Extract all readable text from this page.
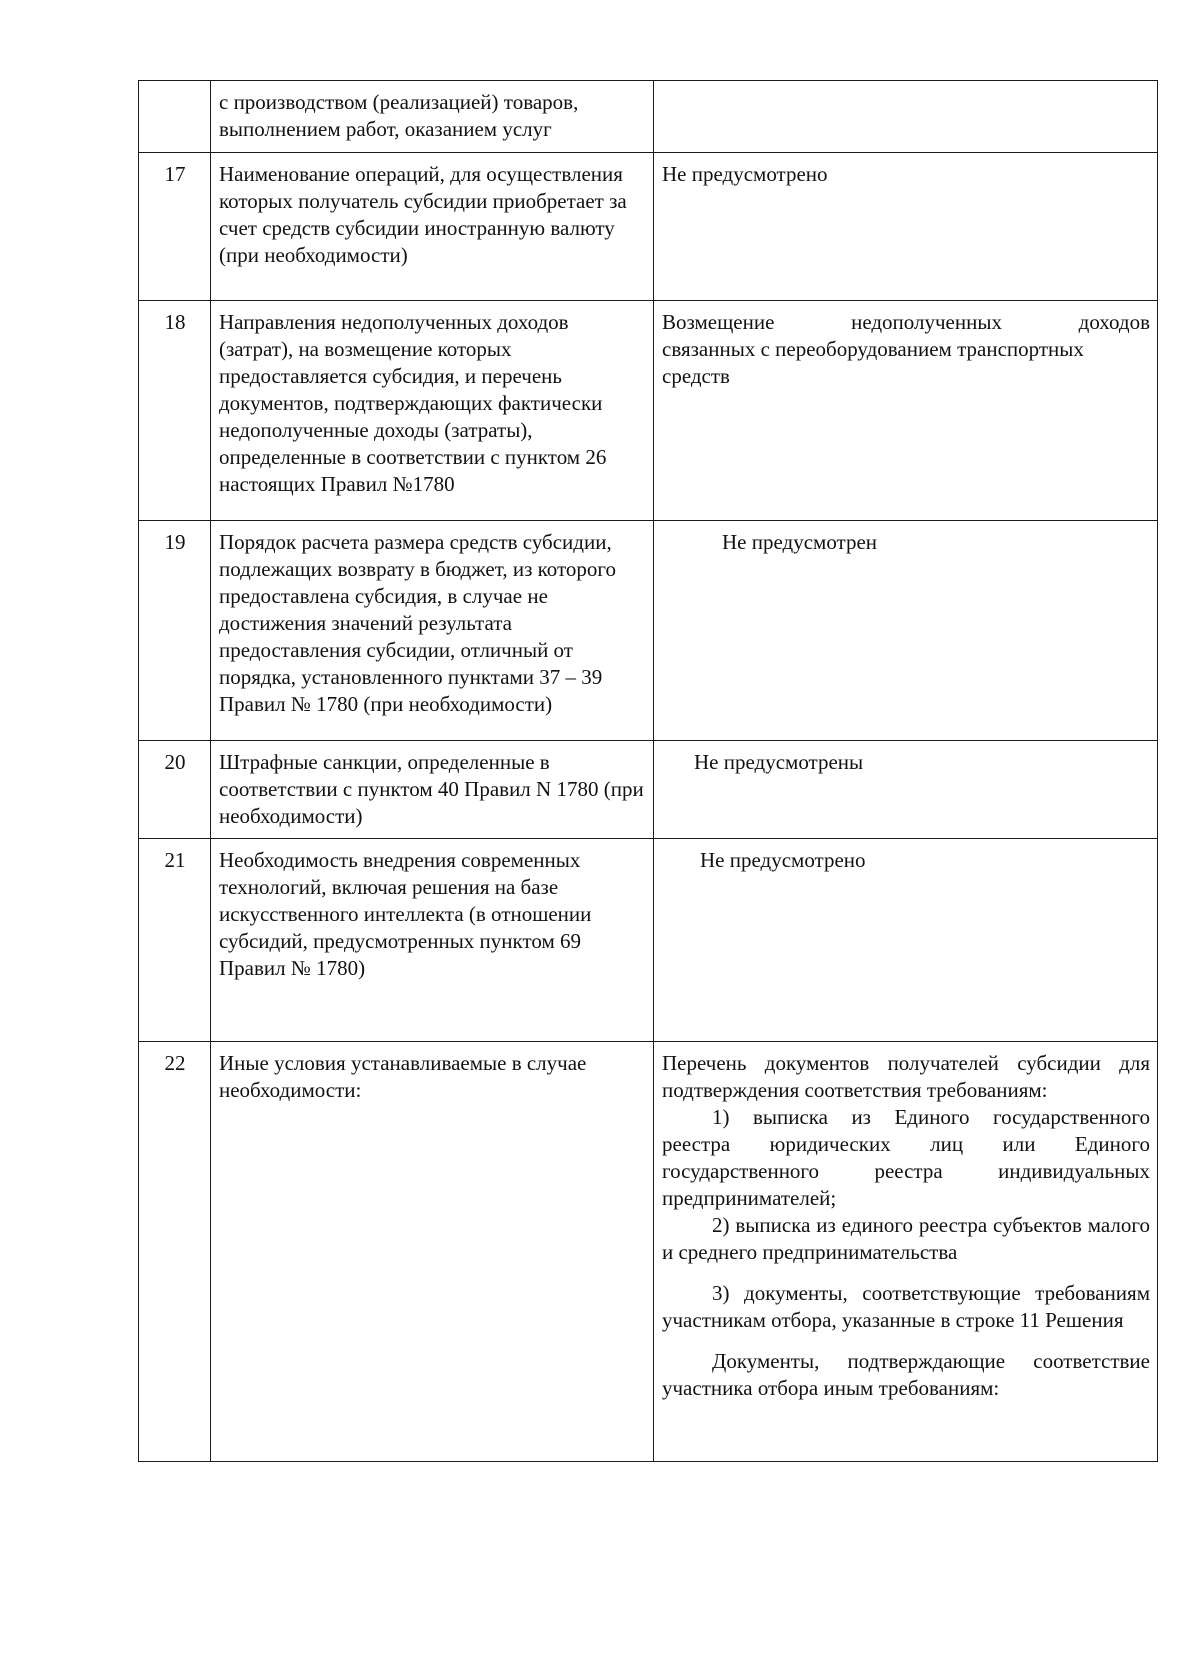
	с производством (реализацией) товаров, выполнением работ, оказанием услуг	
17	Наименование операций, для осуществления которых получатель субсидии приобретает за счет средств субсидии иностранную валюту (при необходимости)	Не предусмотрено
18	Направления недополученных доходов (затрат), на возмещение которых предоставляется субсидия, и перечень документов, подтверждающих фактически недополученные доходы (затраты), определенные в соответствии с пунктом 26 настоящих Правил №1780	Возмещение недополученных доходов
связанных с переоборудованием транспортных средств

19	Порядок расчета размера средств субсидии, подлежащих возврату в бюджет, из которого предоставлена субсидия, в случае не достижения значений результата предоставления субсидии, отличный от порядка, установленного пунктами 37 – 39 Правил № 1780 (при необходимости)	Не предусмотрен

20	Штрафные санкции, определенные в соответствии с пунктом 40 Правил N 1780 (при необходимости)	Не предусмотрены

21	Необходимость внедрения современных технологий, включая решения на базе искусственного интеллекта (в отношении субсидий, предусмотренных пунктом 69 Правил № 1780)	Не предусмотрено

22	Иные условия устанавливаемые в случае необходимости:	Перечень документов получателей субсидии для подтверждения соответствия требованиям:
1) выписка из Единого государственного реестра юридических лиц или Единого государственного реестра индивидуальных предпринимателей;
2) выписка из единого реестра субъектов малого и среднего предпринимательства
3) документы, соответствующие требованиям участникам отбора, указанные в строке 11 Решения
Документы, подтверждающие соответствие участника отбора иным требованиям:
